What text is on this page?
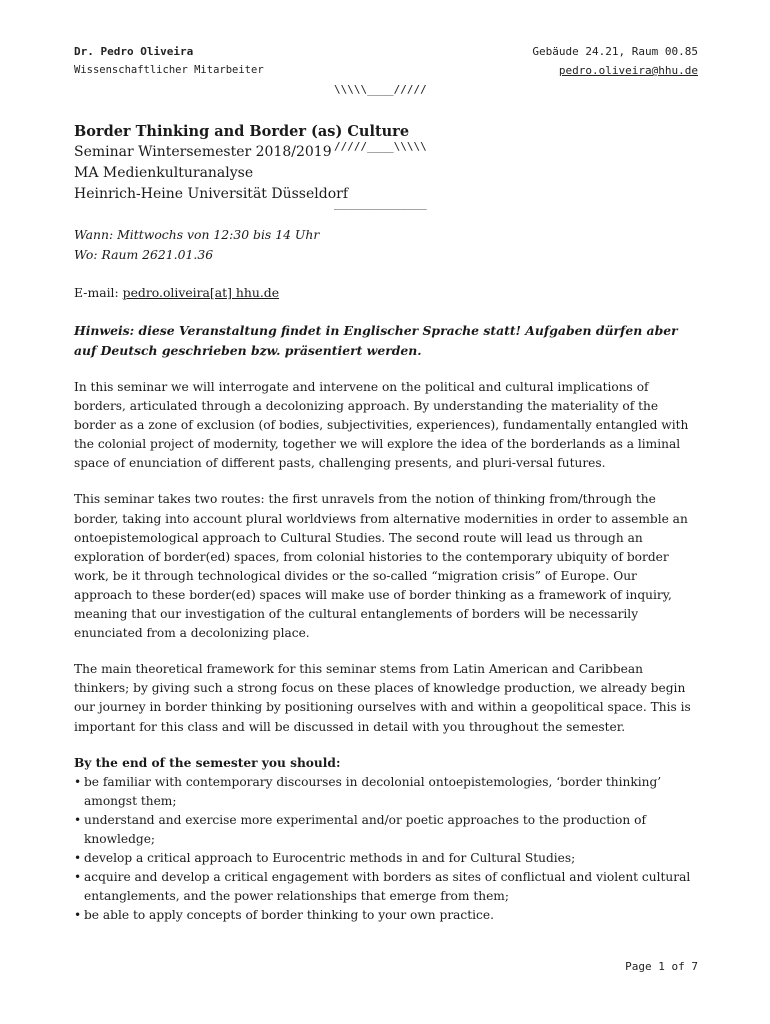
Dr. Pedro Oliveira
Wissenschaftlicher Mitarbeiter

\\\\\____/////

/////____\\\\\

______________

Gebäude 24.21, Raum 00.85
pedro.oliveira@hhu.de

Border Thinking and Border (as) Culture

Seminar Wintersemester 2018/2019

MA Medienkulturanalyse

Heinrich-Heine Universität Düsseldorf

Wann: Mittwochs von 12:30 bis 14 Uhr

Wo: Raum 2621.01.36

E-mail: pedro.oliveira[at] hhu.de

Hinweis: diese Veranstaltung findet in Englischer Sprache statt! Aufgaben dürfen aber auf Deutsch geschrieben bzw. präsentiert werden.

In this seminar we will interrogate and intervene on the political and cultural implications of borders, articulated through a decolonizing approach. By understanding the materiality of the border as a zone of exclusion (of bodies, subjectivities, experiences), fundamentally entangled with the colonial project of modernity, together we will explore the idea of the borderlands as a liminal space of enunciation of different pasts, challenging presents, and pluri-versal futures.

This seminar takes two routes: the first unravels from the notion of thinking from/through the border, taking into account plural worldviews from alternative modernities in order to assemble an ontoepistemological approach to Cultural Studies. The second route will lead us through an exploration of border(ed) spaces, from colonial histories to the contemporary ubiquity of border work, be it through technological divides or the so-called “migration crisis” of Europe. Our approach to these border(ed) spaces will make use of border thinking as a framework of inquiry, meaning that our investigation of the cultural entanglements of borders will be necessarily enunciated from a decolonizing place.

The main theoretical framework for this seminar stems from Latin American and Caribbean thinkers; by giving such a strong focus on these places of knowledge production, we already begin our journey in border thinking by positioning ourselves with and within a geopolitical space. This is important for this class and will be discussed in detail with you throughout the semester.

By the end of the semester you should:

• be familiar with contemporary discourses in decolonial ontoepistemologies, ‘border thinking’ amongst them;
• understand and exercise more experimental and/or poetic approaches to the production of knowledge;
• develop a critical approach to Eurocentric methods in and for Cultural Studies;
• acquire and develop a critical engagement with borders as sites of conflictual and violent cultural entanglements, and the power relationships that emerge from them;
• be able to apply concepts of border thinking to your own practice.
Page 1 of 7
